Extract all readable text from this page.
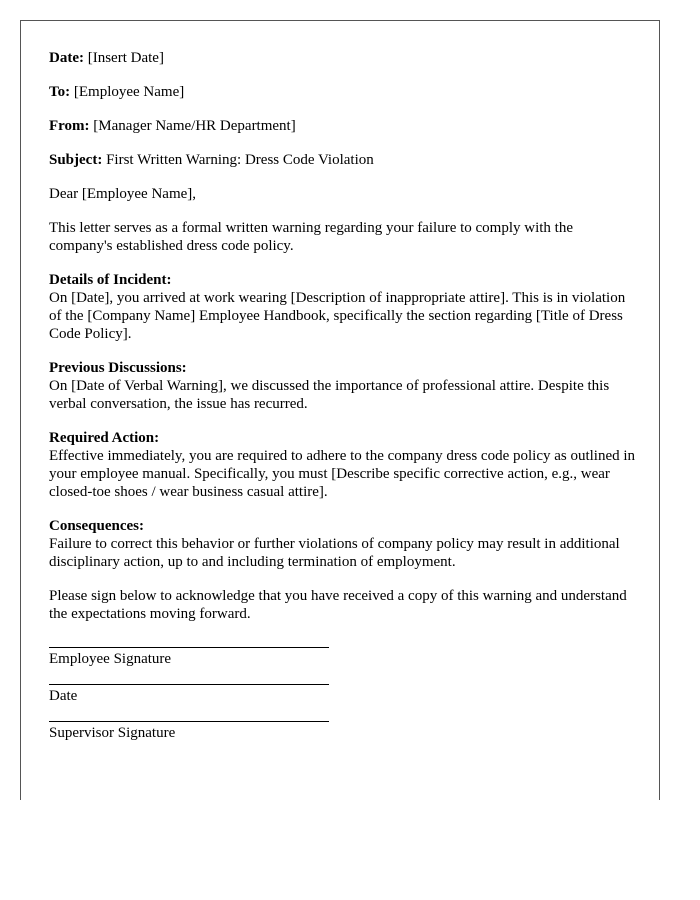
Date: [Insert Date]
To: [Employee Name]
From: [Manager Name/HR Department]
Subject: First Written Warning: Dress Code Violation
Dear [Employee Name],
This letter serves as a formal written warning regarding your failure to comply with the company's established dress code policy.
Details of Incident:
On [Date], you arrived at work wearing [Description of inappropriate attire]. This is in violation of the [Company Name] Employee Handbook, specifically the section regarding [Title of Dress Code Policy].
Previous Discussions:
On [Date of Verbal Warning], we discussed the importance of professional attire. Despite this verbal conversation, the issue has recurred.
Required Action:
Effective immediately, you are required to adhere to the company dress code policy as outlined in your employee manual. Specifically, you must [Describe specific corrective action, e.g., wear closed-toe shoes / wear business casual attire].
Consequences:
Failure to correct this behavior or further violations of company policy may result in additional disciplinary action, up to and including termination of employment.
Please sign below to acknowledge that you have received a copy of this warning and understand the expectations moving forward.
Employee Signature
Date
Supervisor Signature
